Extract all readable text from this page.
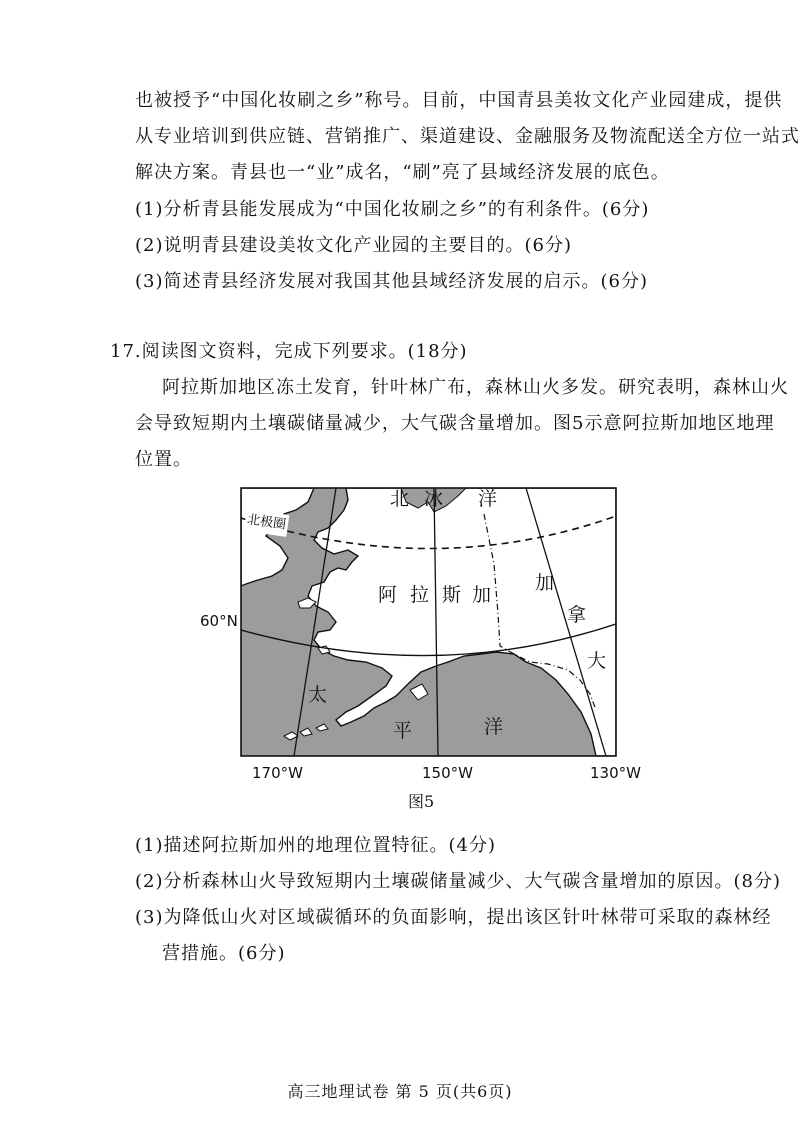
也被授予“中国化妆刷之乡”称号。目前，中国青县美妆文化产业园建成，提供
从专业培训到供应链、营销推广、渠道建设、金融服务及物流配送全方位一站式
解决方案。青县也一“业”成名，“刷”亮了县域经济发展的底色。
(1)分析青县能发展成为“中国化妆刷之乡”的有利条件。(6分)
(2)说明青县建设美妆文化产业园的主要目的。(6分)
(3)简述青县经济发展对我国其他县域经济发展的启示。(6分)
17.阅读图文资料，完成下列要求。(18分)
阿拉斯加地区冻土发育，针叶林广布，森林山火多发。研究表明，森林山火
会导致短期内土壤碳储量减少，大气碳含量增加。图5示意阿拉斯加地区地理
位置。
北极圈
北 冰 洋
阿 拉 斯 加
加
拿
大
太
平	洋
60°N
170°W	150°W	130°W
图5
(1)描述阿拉斯加州的地理位置特征。(4分)
(2)分析森林山火导致短期内土壤碳储量减少、大气碳含量增加的原因。(8分)
(3)为降低山火对区域碳循环的负面影响，提出该区针叶林带可采取的森林经
营措施。(6分)
高三地理试卷 第 5 页(共6页)
